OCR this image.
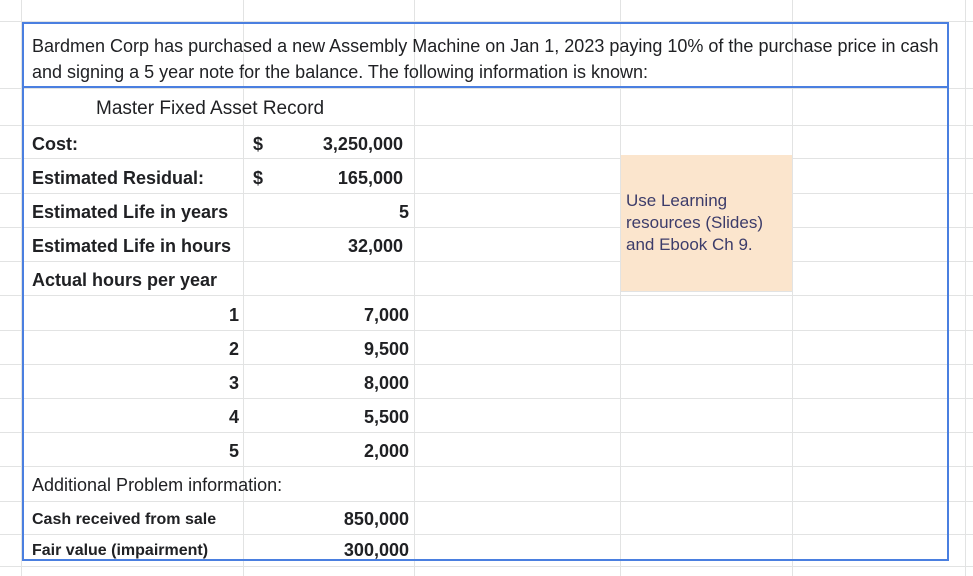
Use Learning resources (Slides) and Ebook Ch 9.
Bardmen Corp has purchased a new Assembly Machine on Jan 1, 2023 paying 10% of the purchase price in cash and signing a 5 year note for the balance. The following information is known:
Master Fixed Asset Record
Cost:	$	3,250,000
Estimated Residual:	$	165,000
Estimated Life in years	5
Estimated Life in hours	32,000
Actual hours per year
1	7,000
2	9,500
3	8,000
4	5,500
5	2,000
Additional Problem information:
Cash received from sale	850,000
Fair value (impairment)	300,000
